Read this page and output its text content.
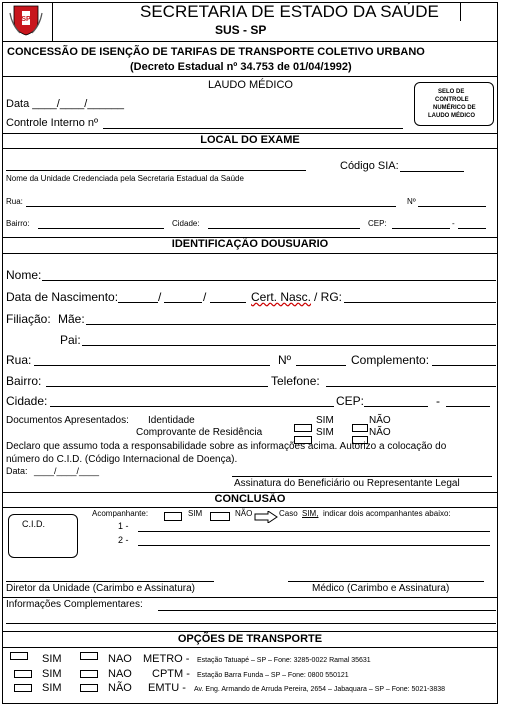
SP	SECRETARIA DE ESTADO DA SAÚDE
SUS - SP
CONCESSÃO DE ISENÇÃO DE TARIFAS DE TRANSPORTE COLETIVO URBANO
(Decreto Estadual nº 34.753 de 01/04/1992)
LAUDO MÉDICO
Data ____/____/______
Controle Interno nº
SELO DE
CONTROLE
NUMÉRICO DE
LAUDO MÉDICO
LOCAL DO EXAME
Código SIA:
Nome da Unidade Credenciada pela Secretaria Estadual da Saúde
Rua:	Nº
Bairro:	Cidade:	CEP:	-
IDENTIFICAÇÃO DOUSUARIO
Nome:
Data de Nascimento:	/	/	Cert. Nasc. / RG:
Filiação: Mãe:
Pai:
Rua:	Nº	Complemento:
Bairro:	Telefone:
Cidade:	CEP:	-
Documentos Apresentados: Identidade
Comprovante de Residência
SIM	NÃO
SIM	NÃO
Declaro que assumo toda a responsabilidade sobre as informações acima. Autorizo a colocação do
número do C.I.D. (Código Internacional de Doença).
Data: ____/____/____
Assinatura do Beneficiário ou Representante Legal
CONCLUSÃO
C.I.D.
Acompanhante:	SIM	NÃO	Caso SIM, indicar dois acompanhantes abaixo:
1 -
2 -
Diretor da Unidade (Carimbo e Assinatura)	Médico (Carimbo e Assinatura)
Informações Complementares:
OPÇÕES DE TRANSPORTE
SIM	NAO METRO - Estação Tatuapé – SP – Fone: 3285-0022 Ramal 35631
SIM	NAO CPTM - Estação Barra Funda – SP – Fone: 0800 550121
SIM	NÃO EMTU - Av. Eng. Armando de Arruda Pereira, 2654 – Jabaquara – SP – Fone: 5021-3838
